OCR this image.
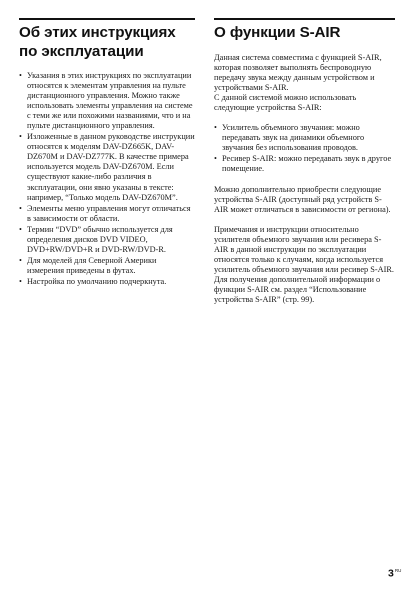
Об этих инструкциях по эксплуатации
• Указания в этих инструкциях по эксплуатации относятся к элементам управления на пульте дистанционного управления. Можно также использовать элементы управления на системе с теми же или похожими названиями, что и на пульте дистанционного управления.
• Изложенные в данном руководстве инструкции относятся к моделям DAV-DZ665K, DAV-DZ670M и DAV-DZ777K. В качестве примера используется модель DAV-DZ670M. Если существуют какие-либо различия в эксплуатации, они явно указаны в тексте: например, “Только модель DAV-DZ670M”.
• Элементы меню управления могут отличаться в зависимости от области.
• Термин “DVD” обычно используется для определения дисков DVD VIDEO, DVD+RW/DVD+R и DVD-RW/DVD-R.
• Для моделей для Северной Америки измерения приведены в футах.
• Настройка по умолчанию подчеркнута.
О функции S-AIR

Данная система совместима с функцией S-AIR, которая позволяет выполнять беспроводную передачу звука между данным устройством и устройствами S-AIR.

С данной системой можно использовать следующие устройства S-AIR:

• Усилитель объемного звучания: можно передавать звук на динамики объемного звучания без использования проводов.
• Ресивер S-AIR: можно передавать звук в другое помещение.

Можно дополнительно приобрести следующие устройства S-AIR (доступный ряд устройств S-AIR может отличаться в зависимости от региона).

Примечания и инструкции относительно усилителя объемного звучания или ресивера S-AIR в данной инструкции по эксплуатации относятся только к случаям, когда используется усилитель объемного звучания или ресивер S-AIR. Для получения дополнительной информации о функции S-AIR см. раздел “Использование устройства S-AIR” (стр. 99).

$3^{RU}$
